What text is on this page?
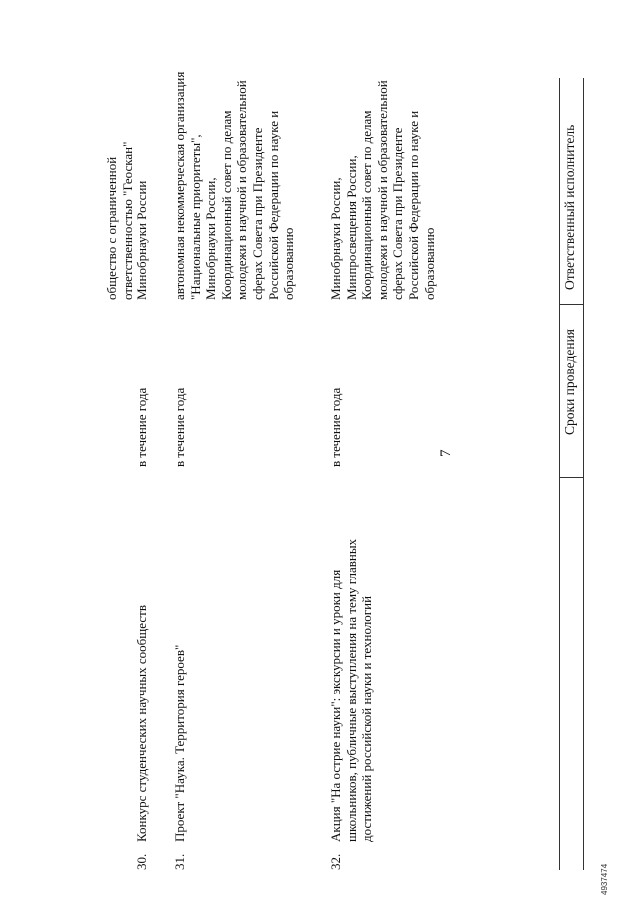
7
Сроки проведения
Ответственный исполнитель
общество с ограниченной
ответственностью "Геоскан"
30.
Конкурс студенческих научных сообществ
в течение года
Минобрнауки России
31.
Проект "Наука. Территория героев"
в течение года
автономная некоммерческая организация
"Национальные приоритеты",
Минобрнауки России,
Координационный совет по делам
молодежи в научной и образовательной
сферах Совета при Президенте
Российской Федерации по науке и
образованию
32.
Акция "На острие науки": экскурсии и уроки для
школьников, публичные выступления на тему главных
достижений российской науки и технологий
в течение года
Минобрнауки России,
Минпросвещения России,
Координационный совет по делам
молодежи в научной и образовательной
сферах Совета при Президенте
Российской Федерации по науке и
образованию
4937474
